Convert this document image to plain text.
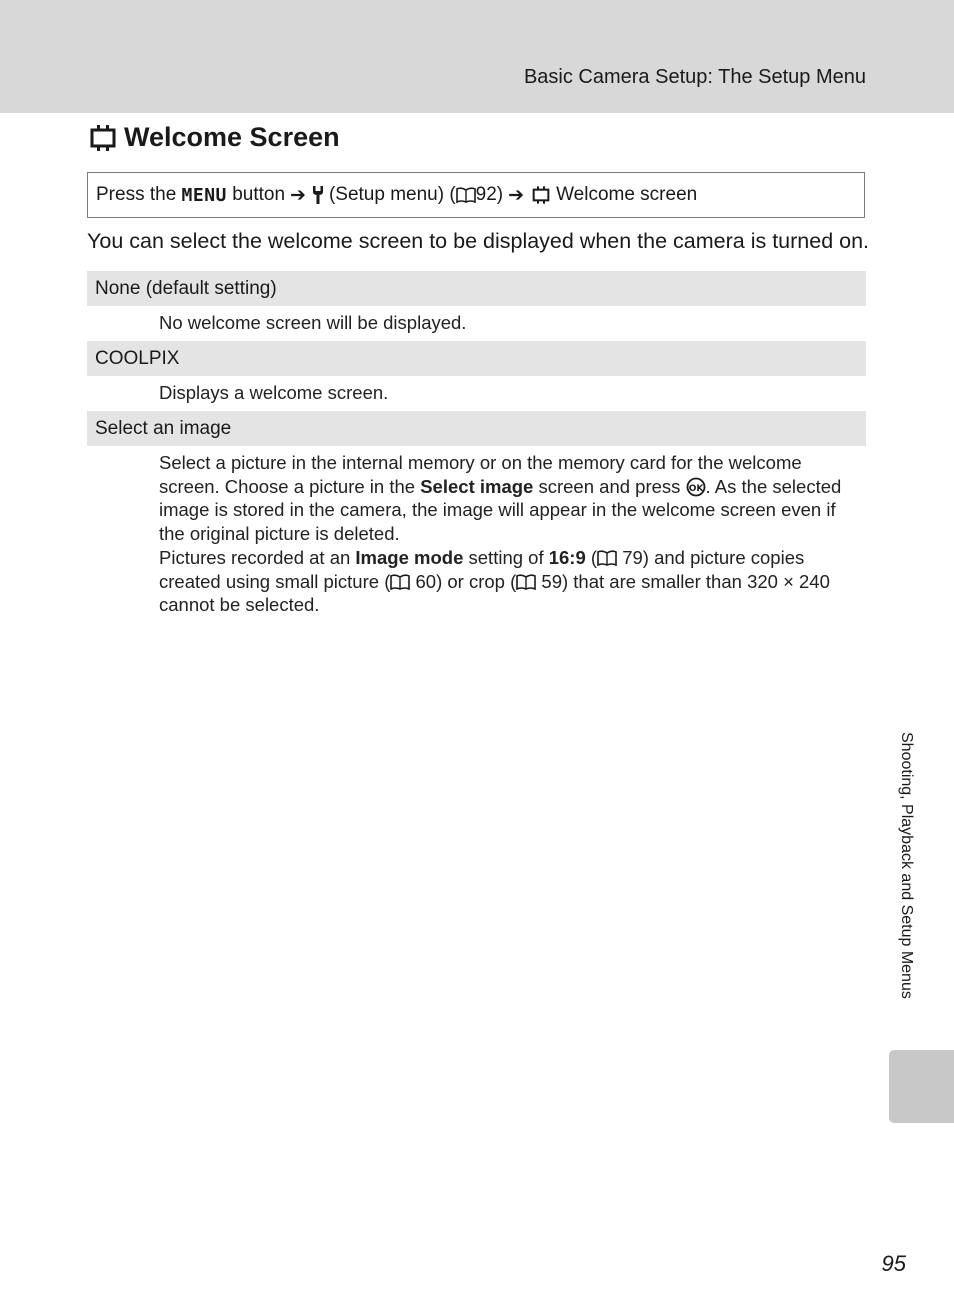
Basic Camera Setup: The Setup Menu
Welcome Screen
Press the
MENU
button ➔ (Setup menu) ( 92) ➔ Welcome screen
You can select the welcome screen to be displayed when the camera is turned on.
None (default setting)
No welcome screen will be displayed.
COOLPIX
Displays a welcome screen.
Select an image

Select a picture in the internal memory or on the memory card for the welcome screen. Choose a picture in the Select image screen and press OK . As the selected image is stored in the camera, the image will appear in the welcome screen even if the original picture is deleted.

Pictures recorded at an Image mode setting of 16:9 ( 79) and picture copies created using small picture ( 60) or crop ( 59) that are smaller than 320 × 240 cannot be selected.

Shooting, Playback and Setup Menus
95
